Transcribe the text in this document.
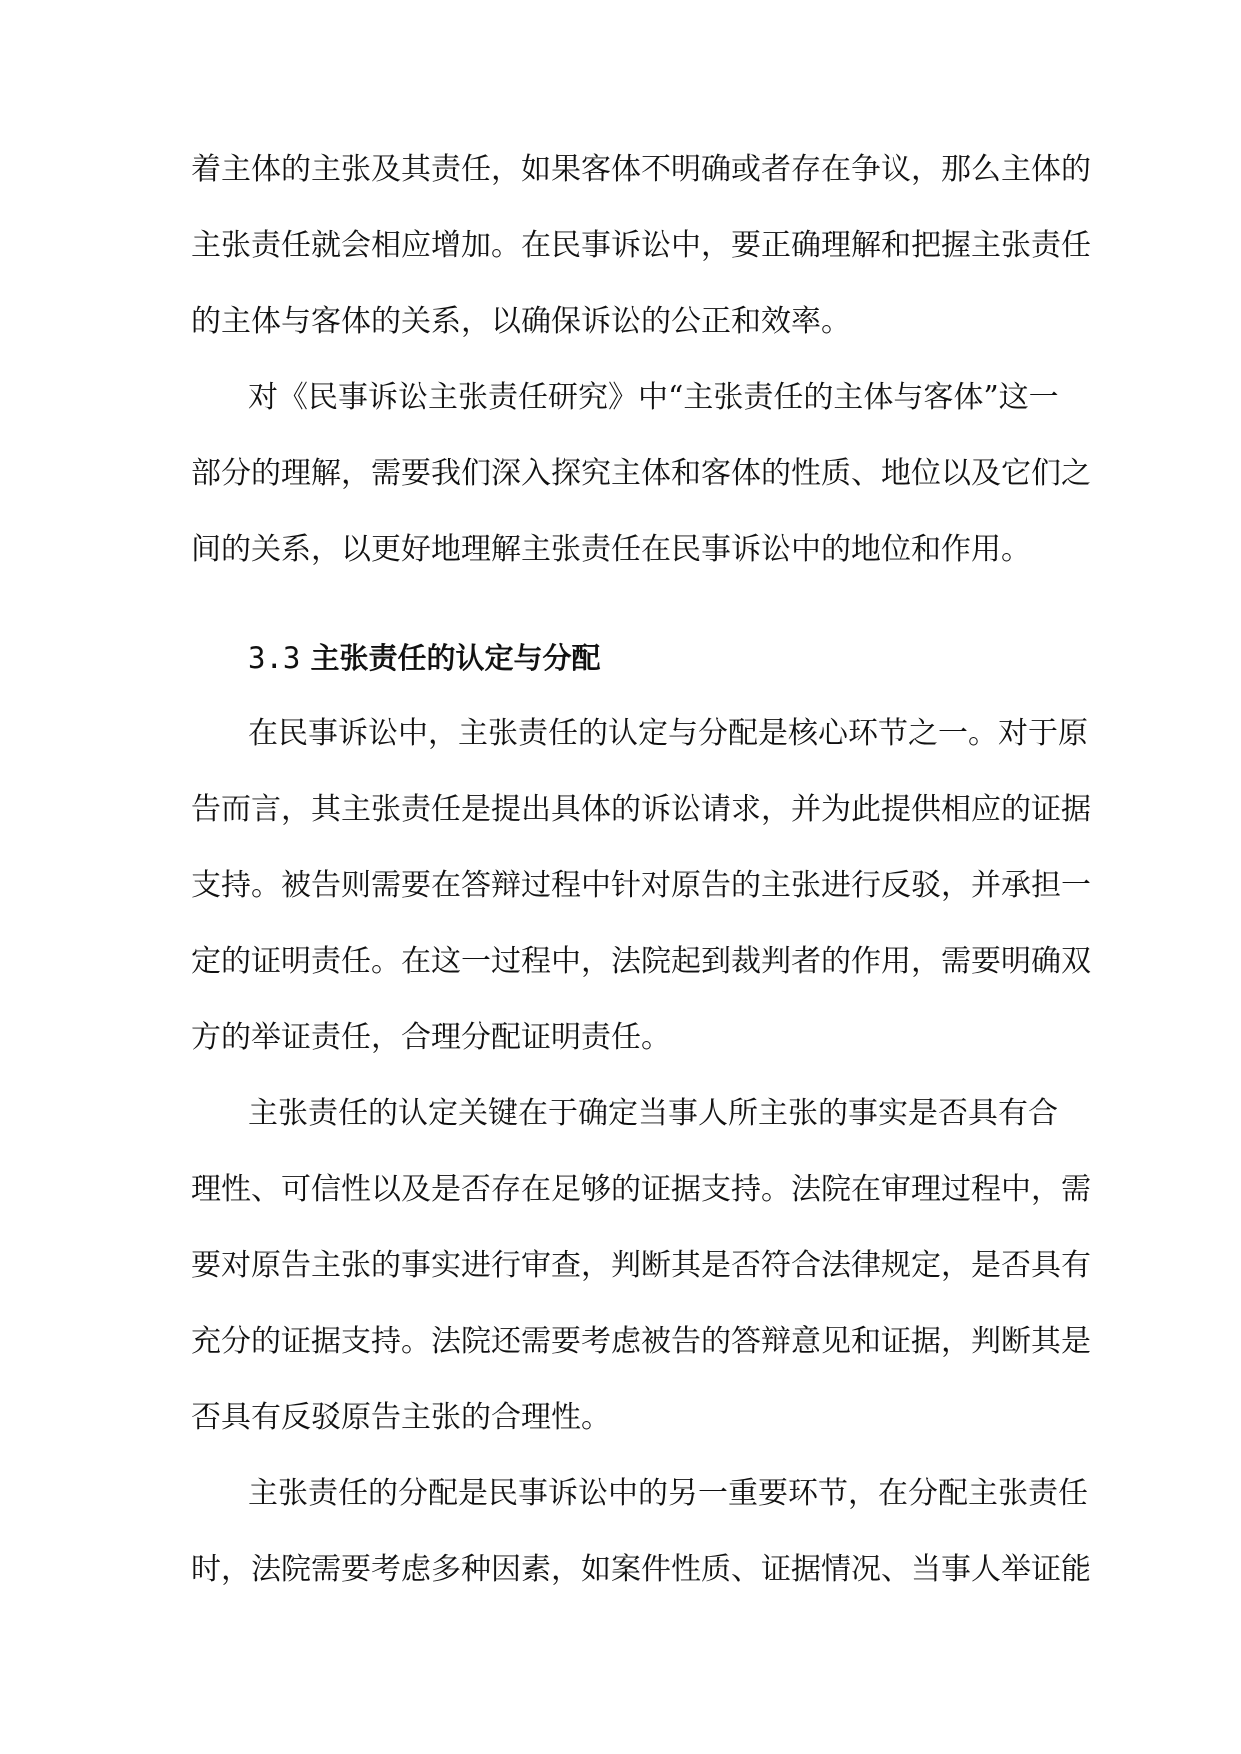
着主体的主张及其责任，如果客体不明确或者存在争议，那么主体的
主张责任就会相应增加。在民事诉讼中，要正确理解和把握主张责任
的主体与客体的关系，以确保诉讼的公正和效率。
对《民事诉讼主张责任研究》中“主张责任的主体与客体”这一
部分的理解，需要我们深入探究主体和客体的性质、地位以及它们之
间的关系，以更好地理解主张责任在民事诉讼中的地位和作用。
3.3 主张责任的认定与分配
在民事诉讼中，主张责任的认定与分配是核心环节之一。对于原
告而言，其主张责任是提出具体的诉讼请求，并为此提供相应的证据
支持。被告则需要在答辩过程中针对原告的主张进行反驳，并承担一
定的证明责任。在这一过程中，法院起到裁判者的作用，需要明确双
方的举证责任，合理分配证明责任。
主张责任的认定关键在于确定当事人所主张的事实是否具有合
理性、可信性以及是否存在足够的证据支持。法院在审理过程中，需
要对原告主张的事实进行审查，判断其是否符合法律规定，是否具有
充分的证据支持。法院还需要考虑被告的答辩意见和证据，判断其是
否具有反驳原告主张的合理性。
主张责任的分配是民事诉讼中的另一重要环节，在分配主张责任
时，法院需要考虑多种因素，如案件性质、证据情况、当事人举证能
